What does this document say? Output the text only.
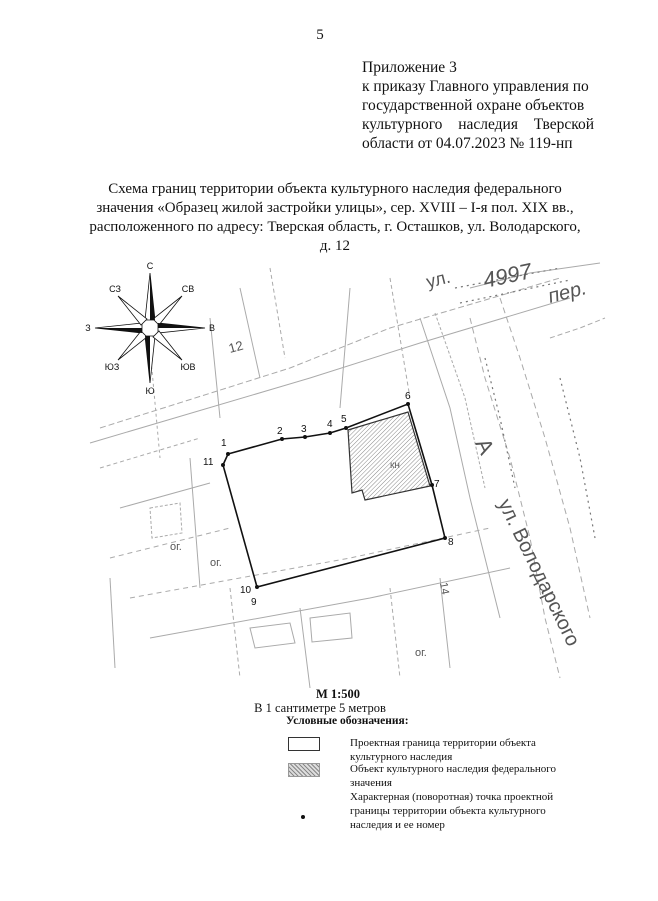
5
Приложение 3
к приказу Главного управления по
государственной охране объектов
культурного наследия Тверской
области от 04.07.2023 № 119-нп
Схема границ территории объекта культурного наследия федерального
значения «Образец жилой застройки улицы», сер. XVIII – I-я пол. XIX вв.,
расположенного по адресу: Тверская область, г. Осташков, ул. Володарского,
д. 12
ул. 4997 пер.
ул. Володарского
А
12
ог.
ог.
ог.
14
С
Ю
З	В
СЗ	СВ
ЮЗ	ЮВ
1
2 3 4 5
6
7
8
9
10
11
М 1:500
В 1 сантиметре 5 метров
Условные обозначения:
Проектная граница территории объекта
культурного наследия
Объект культурного наследия федерального
значения
Характерная (поворотная) точка проектной
границы территории объекта культурного
наследия и ее номер
